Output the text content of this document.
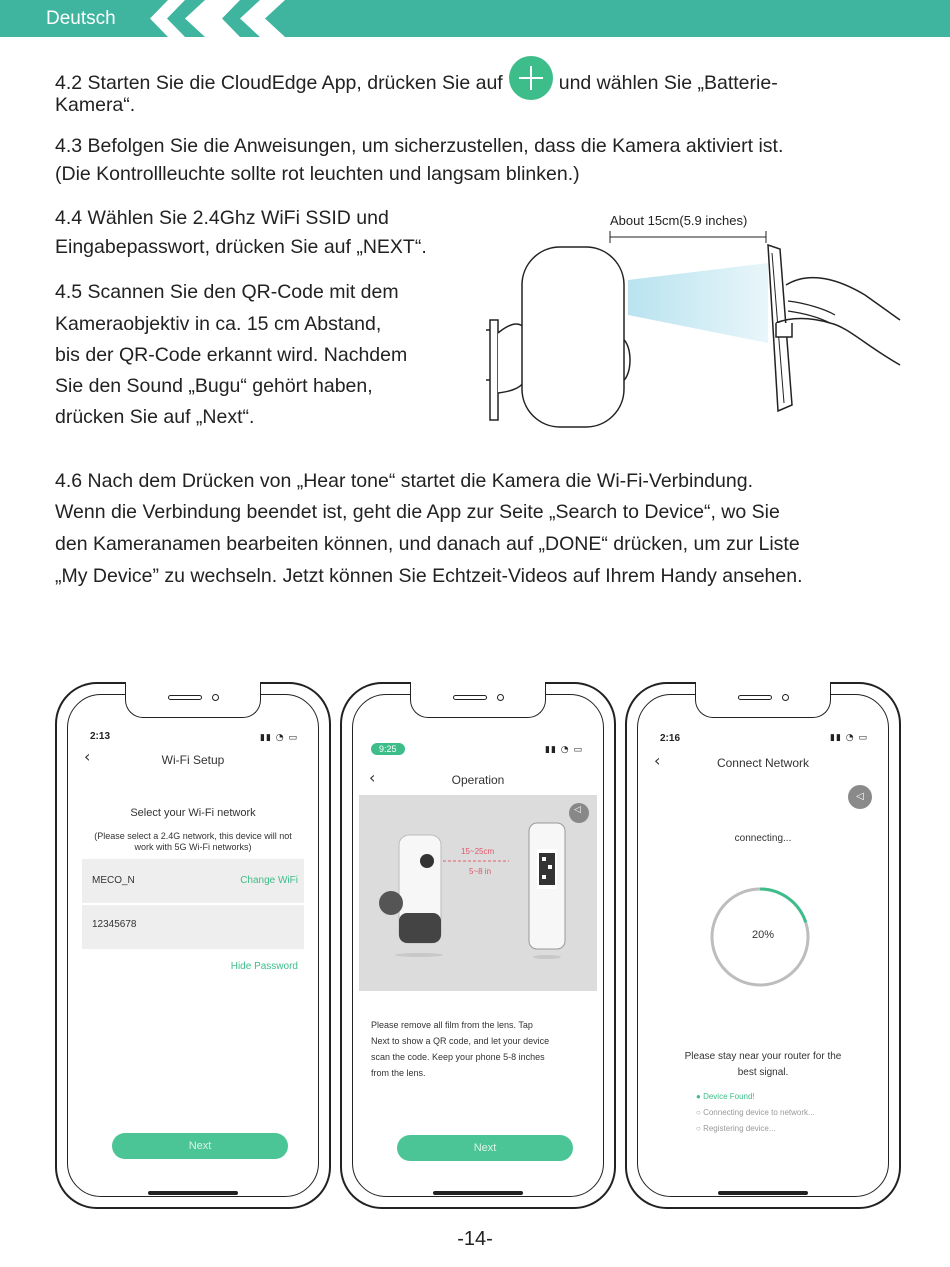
Deutsch
4.2 Starten Sie die CloudEdge App, drücken Sie auf	und wählen Sie „Batterie-
Kamera“.
4.3 Befolgen Sie die Anweisungen, um sicherzustellen, dass die Kamera aktiviert ist.
(Die Kontrollleuchte sollte rot leuchten und langsam blinken.)
4.4 Wählen Sie 2.4Ghz WiFi SSID und
Eingabepasswort, drücken Sie auf „NEXT“.
4.5 Scannen Sie den QR-Code mit dem
Kameraobjektiv in ca. 15 cm Abstand,
bis der QR-Code erkannt wird. Nachdem
Sie den Sound „Bugu“ gehört haben,
drücken Sie auf „Next“.
About 15cm(5.9 inches)
4.6 Nach dem Drücken von „Hear tone“ startet die Kamera die Wi-Fi-Verbindung.
Wenn die Verbindung beendet ist, geht die App zur Seite „Search to Device“, wo Sie
den Kameranamen bearbeiten können, und danach auf „DONE“ drücken, um zur Liste
„My Device” zu wechseln. Jetzt können Sie Echtzeit-Videos auf Ihrem Handy ansehen.
2:13	▮▮ ◔ ▭
‹	Wi-Fi Setup
Select your Wi-Fi network
(Please select a 2.4G network, this device will not
work with 5G Wi-Fi networks)
MECO_N	Change WiFi
12345678
Hide Password
Next
9:25	▮▮ ◔ ▭
‹	Operation
15~25cm
5~8 in
◁
Please remove all film from the lens. Tap
Next to show a QR code, and let your device
scan the code. Keep your phone 5-8 inches
from the lens.
Next
2:16	▮▮ ◔ ▭
‹	Connect Network
◁
connecting...
20%
Please stay near your router for the
best signal.
● Device Found!
○ Connecting device to network...
○ Registering device...
-14-
